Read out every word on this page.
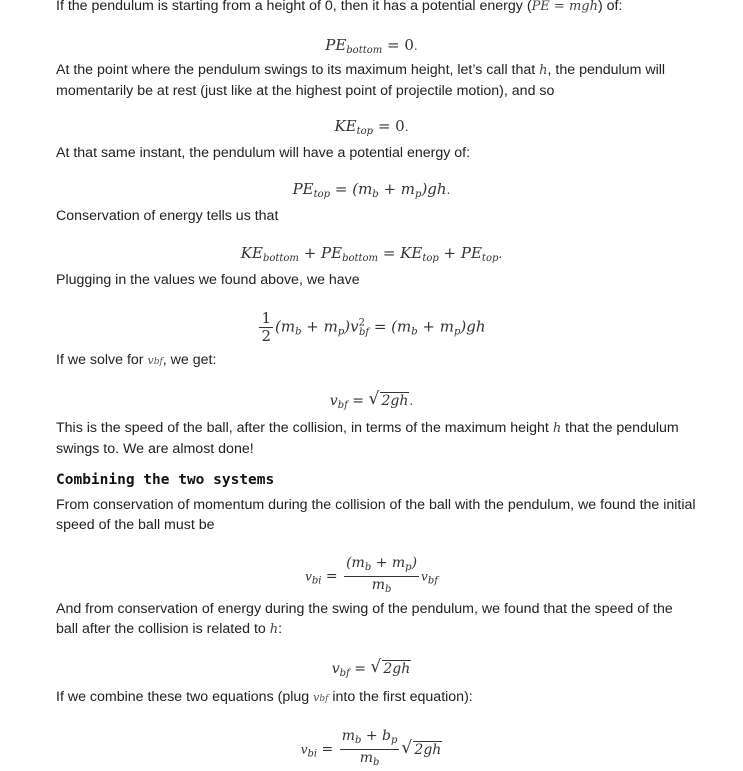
If the pendulum is starting from a height of 0, then it has a potential energy (PE = mgh) of:

$PE_{bottom} = 0$.

At the point where the pendulum swings to its maximum height, let’s call that h, the pendulum will momentarily be at rest (just like at the highest point of projectile motion), and so

$KE_{top} = 0$.

At that same instant, the pendulum will have a potential energy of:

$PE_{top} = (m_b + m_p)gh$.

Conservation of energy tells us that

$KE_{bottom} + PE_{bottom} = KE_{top} + PE_{top}$.

Plugging in the values we found above, we have

$\frac{1}{2} (m_b + m_p)v^2_{bf} = (m_b + m_p)gh$

If we solve for vbf, we get:

$v_{bf}$ = √ 2gh.

This is the speed of the ball, after the collision, in terms of the maximum height h that the pendulum swings to. We are almost done!

Combining the two systems

From conservation of momentum during the collision of the ball with the pendulum, we found the initial speed of the ball must be

$v_{bi} = \frac{(m_b + m_p)}{m_b} v_{bf}$

And from conservation of energy during the swing of the pendulum, we found that the speed of the ball after the collision is related to h:

$v_{bf}$ = √ 2gh

If we combine these two equations (plug vbf into the first equation):

$v_{bi} = \frac{m_b + b_p}{m_b}$ √ 2gh
